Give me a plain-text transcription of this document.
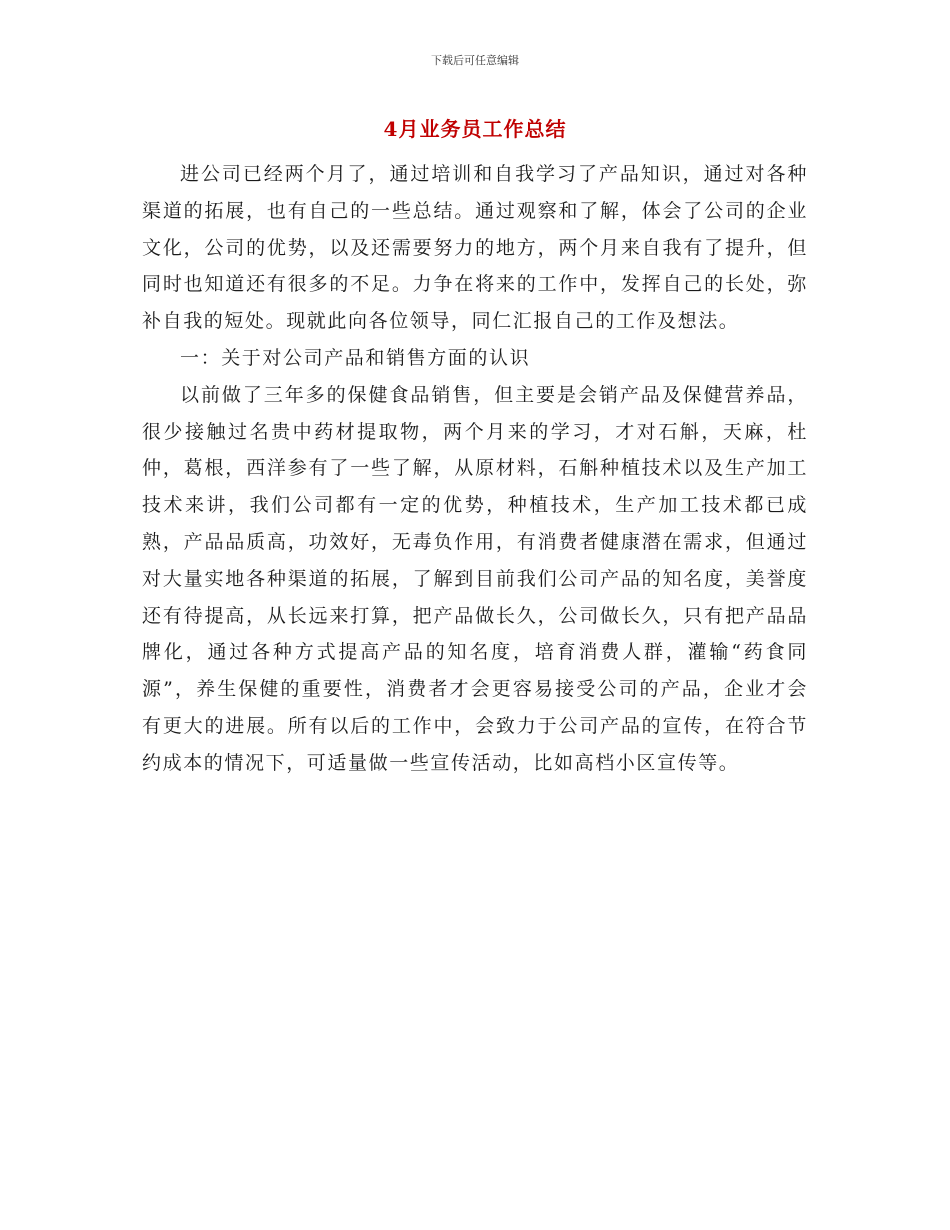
下载后可任意编辑
4月业务员工作总结

进公司已经两个月了，通过培训和自我学习了产品知识，通过对各种渠道的拓展，也有自己的一些总结。通过观察和了解，体会了公司的企业文化，公司的优势，以及还需要努力的地方，两个月来自我有了提升，但同时也知道还有很多的不足。力争在将来的工作中，发挥自己的长处，弥补自我的短处。现就此向各位领导，同仁汇报自己的工作及想法。

一：关于对公司产品和销售方面的认识

以前做了三年多的保健食品销售，但主要是会销产品及保健营养品，很少接触过名贵中药材提取物，两个月来的学习，才对石斛，天麻，杜仲，葛根，西洋参有了一些了解，从原材料，石斛种植技术以及生产加工技术来讲，我们公司都有一定的优势，种植技术，生产加工技术都已成熟，产品品质高，功效好，无毒负作用，有消费者健康潜在需求，但通过对大量实地各种渠道的拓展，了解到目前我们公司产品的知名度，美誉度还有待提高，从长远来打算，把产品做长久，公司做长久，只有把产品品牌化，通过各种方式提高产品的知名度，培育消费人群，灌输“药食同源”，养生保健的重要性，消费者才会更容易接受公司的产品，企业才会有更大的进展。所有以后的工作中，会致力于公司产品的宣传，在符合节约成本的情况下，可适量做一些宣传活动，比如高档小区宣传等。
